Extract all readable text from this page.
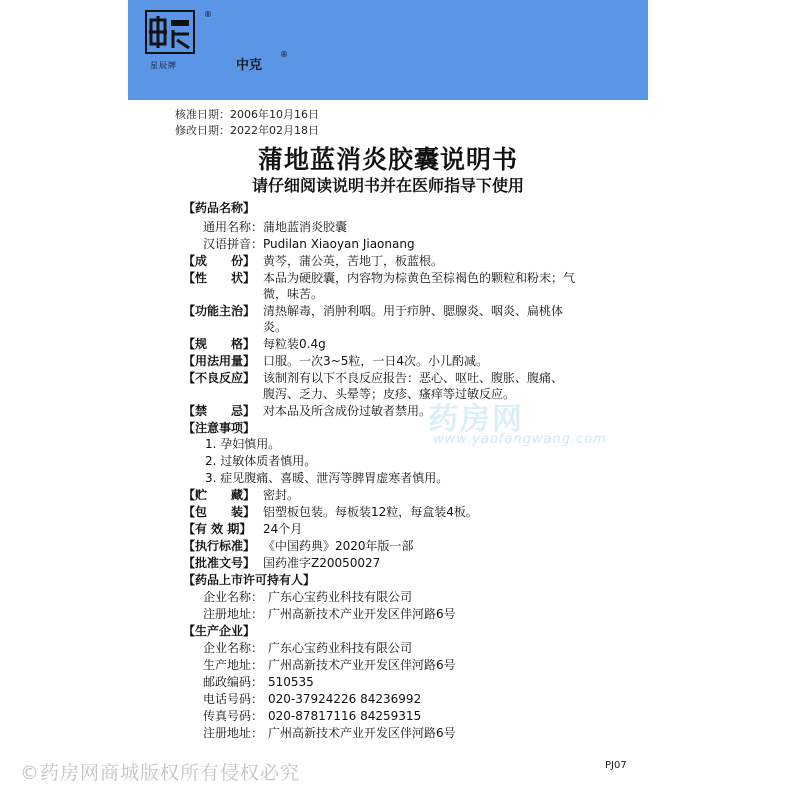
®
星辰牌	中克
®
核准日期：2006年10月16日
修改日期：2022年02月18日
蒲地蓝消炎胶囊说明书
请仔细阅读说明书并在医师指导下使用
药房网
www.yaofangwang.com
【药品名称】
通用名称： 蒲地蓝消炎胶囊
汉语拼音： Pudilan Xiaoyan Jiaonang
【成　　份】 黄芩，蒲公英，苦地丁，板蓝根。
【性　　状】 本品为硬胶囊，内容物为棕黄色至棕褐色的颗粒和粉末；气
微，味苦。
【功能主治】 清热解毒，消肿利咽。用于疖肿、腮腺炎、咽炎、扁桃体
炎。
【规　　格】 每粒装0.4g
【用法用量】 口服。一次3~5粒，一日4次。小儿酌减。
【不良反应】 该制剂有以下不良反应报告：恶心、呕吐、腹胀、腹痛、
腹泻、乏力、头晕等；皮疹、瘙痒等过敏反应。
【禁　　忌】 对本品及所含成份过敏者禁用。
【注意事项】
1. 孕妇慎用。
2. 过敏体质者慎用。
3. 症见腹痛、喜暖、泄泻等脾胃虚寒者慎用。
【贮　　藏】 密封。
【包　　装】 铝塑板包装。每板装12粒，每盒装4板。
【有 效 期】 24个月
【执行标准】 《中国药典》2020年版一部
【批准文号】 国药准字Z20050027
【药品上市许可持有人】
企业名称： 广东心宝药业科技有限公司
注册地址： 广州高新技术产业开发区伴河路6号
【生产企业】
企业名称： 广东心宝药业科技有限公司
生产地址： 广州高新技术产业开发区伴河路6号
邮政编码： 510535
电话号码： 020-37924226 84236992
传真号码： 020-87817116 84259315
注册地址： 广州高新技术产业开发区伴河路6号
©药房网商城版权所有侵权必究	PJ07
